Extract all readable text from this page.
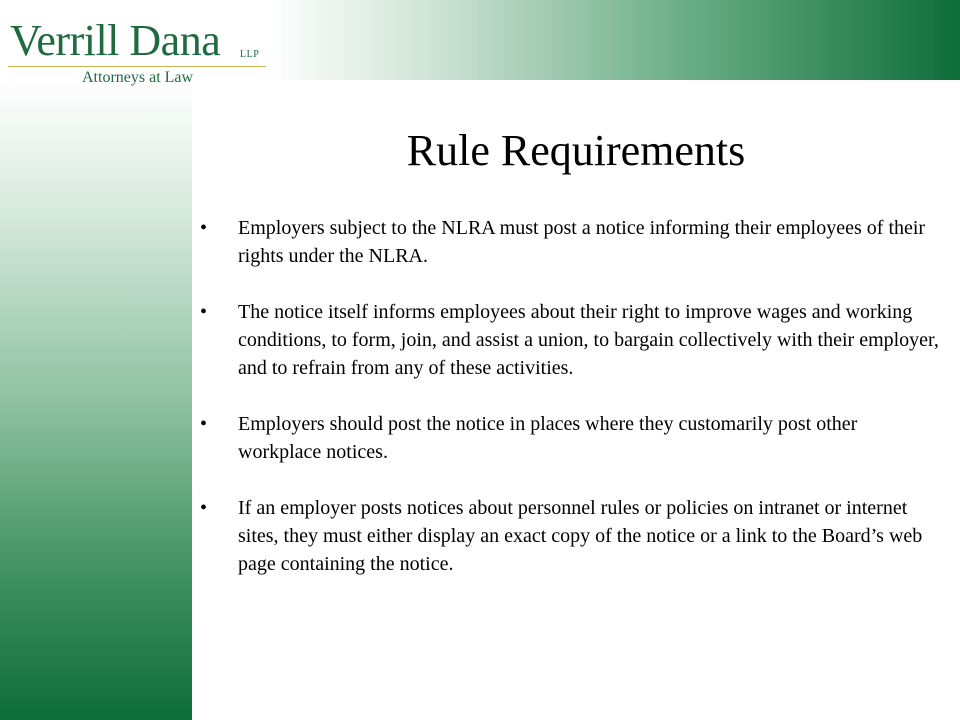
Verrill Dana LLP
Attorneys at Law
Rule Requirements
• Employers subject to the NLRA must post a notice informing their employees of their rights under the NLRA.
• The notice itself informs employees about their right to improve wages and working conditions, to form, join, and assist a union, to bargain collectively with their employer, and to refrain from any of these activities.
• Employers should post the notice in places where they customarily post other workplace notices.
• If an employer posts notices about personnel rules or policies on intranet or internet sites, they must either display an exact copy of the notice or a link to the Board’s web page containing the notice.
